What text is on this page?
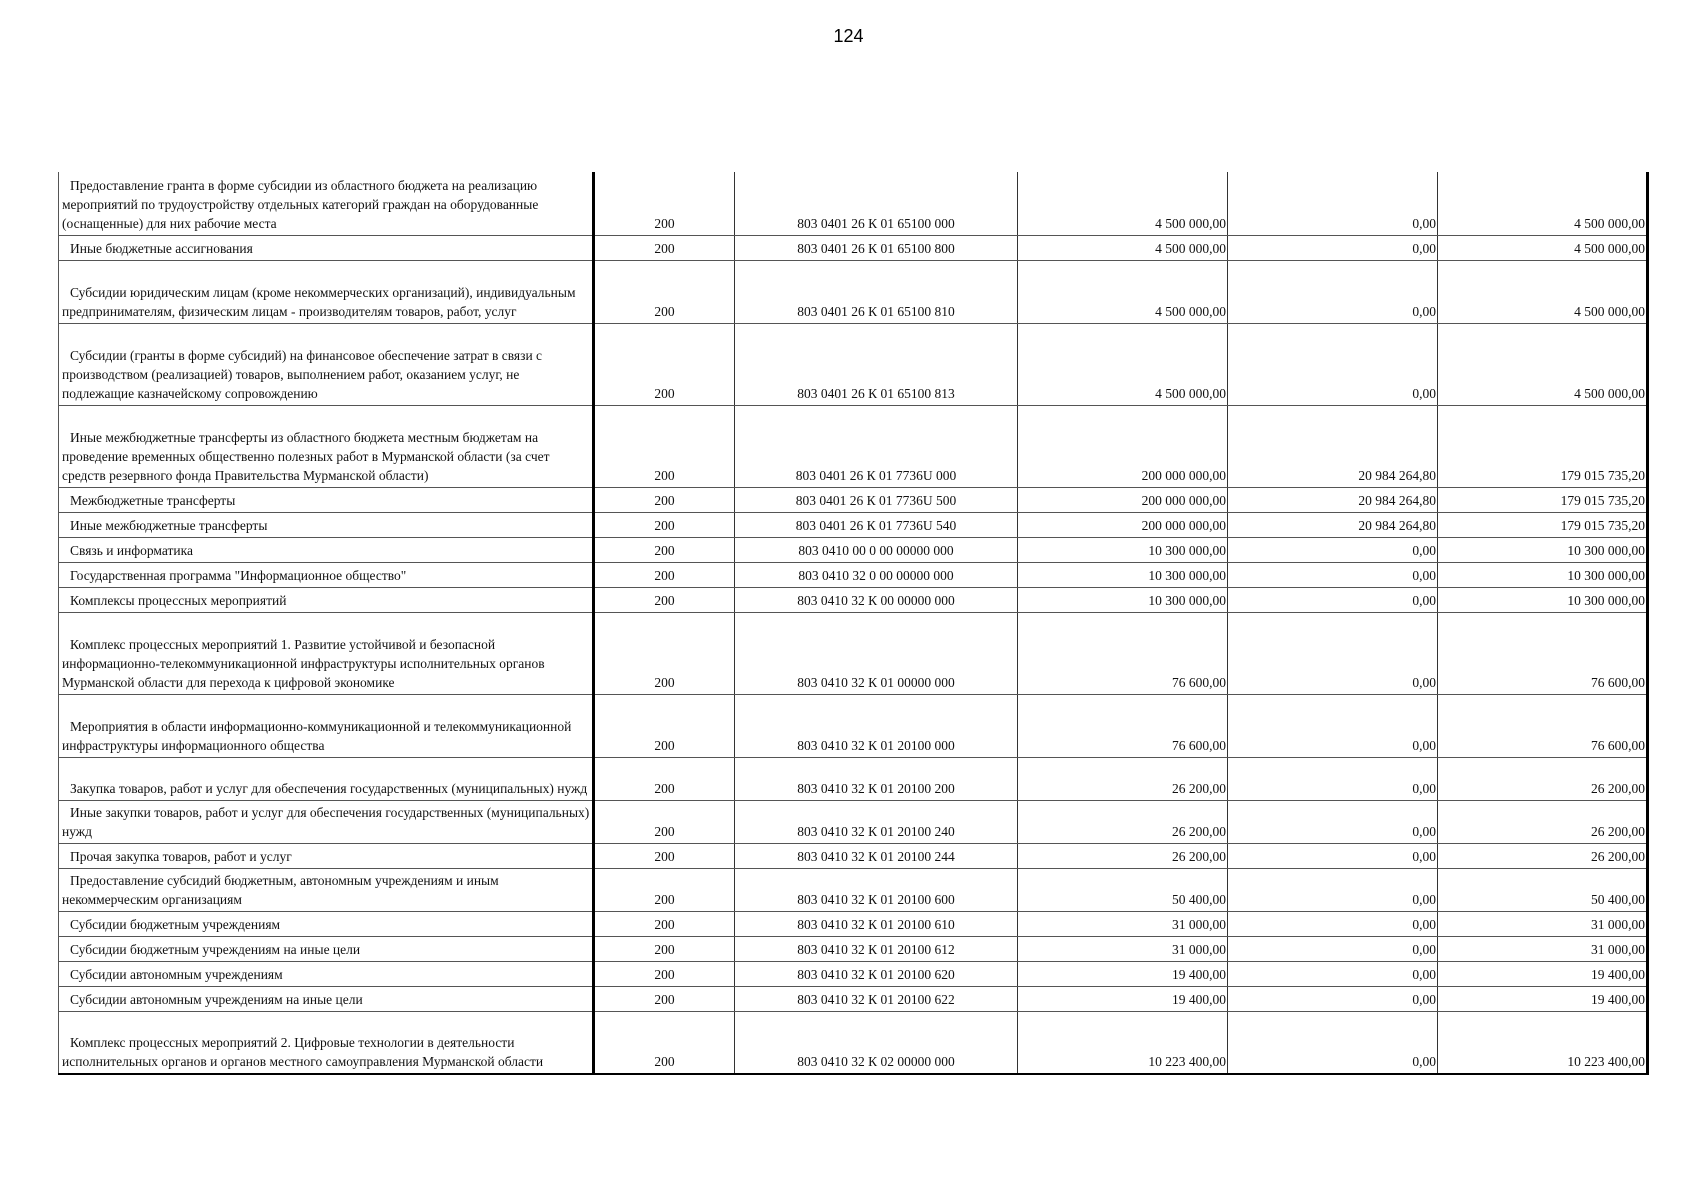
124
Предоставление гранта в форме субсидии из областного бюджета на реализацию мероприятий по трудоустройству отдельных категорий граждан на оборудованные (оснащенные) для них рабочие места	200	803 0401 26 К 01 65100 000	4 500 000,00	0,00	4 500 000,00
Иные бюджетные ассигнования	200	803 0401 26 К 01 65100 800	4 500 000,00	0,00	4 500 000,00
Субсидии юридическим лицам (кроме некоммерческих организаций), индивидуальным предпринимателям, физическим лицам - производителям товаров, работ, услуг	200	803 0401 26 К 01 65100 810	4 500 000,00	0,00	4 500 000,00
Субсидии (гранты в форме субсидий) на финансовое обеспечение затрат в связи с производством (реализацией) товаров, выполнением работ, оказанием услуг, не подлежащие казначейскому сопровождению	200	803 0401 26 К 01 65100 813	4 500 000,00	0,00	4 500 000,00
Иные межбюджетные трансферты из областного бюджета местным бюджетам на проведение временных общественно полезных работ в Мурманской области (за счет средств резервного фонда Правительства Мурманской области)	200	803 0401 26 К 01 7736U 000	200 000 000,00	20 984 264,80	179 015 735,20
Межбюджетные трансферты	200	803 0401 26 К 01 7736U 500	200 000 000,00	20 984 264,80	179 015 735,20
Иные межбюджетные трансферты	200	803 0401 26 К 01 7736U 540	200 000 000,00	20 984 264,80	179 015 735,20
Связь и информатика	200	803 0410 00 0 00 00000 000	10 300 000,00	0,00	10 300 000,00
Государственная программа "Информационное общество"	200	803 0410 32 0 00 00000 000	10 300 000,00	0,00	10 300 000,00
Комплексы процессных мероприятий	200	803 0410 32 К 00 00000 000	10 300 000,00	0,00	10 300 000,00
Комплекс процессных мероприятий 1. Развитие устойчивой и безопасной информационно-телекоммуникационной инфраструктуры исполнительных органов Мурманской области для перехода к цифровой экономике	200	803 0410 32 К 01 00000 000	76 600,00	0,00	76 600,00
Мероприятия в области информационно-коммуникационной и телекоммуникационной инфраструктуры информационного общества	200	803 0410 32 К 01 20100 000	76 600,00	0,00	76 600,00
Закупка товаров, работ и услуг для обеспечения государственных (муниципальных) нужд	200	803 0410 32 К 01 20100 200	26 200,00	0,00	26 200,00
Иные закупки товаров, работ и услуг для обеспечения государственных (муниципальных) нужд	200	803 0410 32 К 01 20100 240	26 200,00	0,00	26 200,00
Прочая закупка товаров, работ и услуг	200	803 0410 32 К 01 20100 244	26 200,00	0,00	26 200,00
Предоставление субсидий бюджетным, автономным учреждениям и иным некоммерческим организациям	200	803 0410 32 К 01 20100 600	50 400,00	0,00	50 400,00
Субсидии бюджетным учреждениям	200	803 0410 32 К 01 20100 610	31 000,00	0,00	31 000,00
Субсидии бюджетным учреждениям на иные цели	200	803 0410 32 К 01 20100 612	31 000,00	0,00	31 000,00
Субсидии автономным учреждениям	200	803 0410 32 К 01 20100 620	19 400,00	0,00	19 400,00
Субсидии автономным учреждениям на иные цели	200	803 0410 32 К 01 20100 622	19 400,00	0,00	19 400,00
Комплекс процессных мероприятий 2. Цифровые технологии в деятельности исполнительных органов и органов местного самоуправления Мурманской области	200	803 0410 32 К 02 00000 000	10 223 400,00	0,00	10 223 400,00
